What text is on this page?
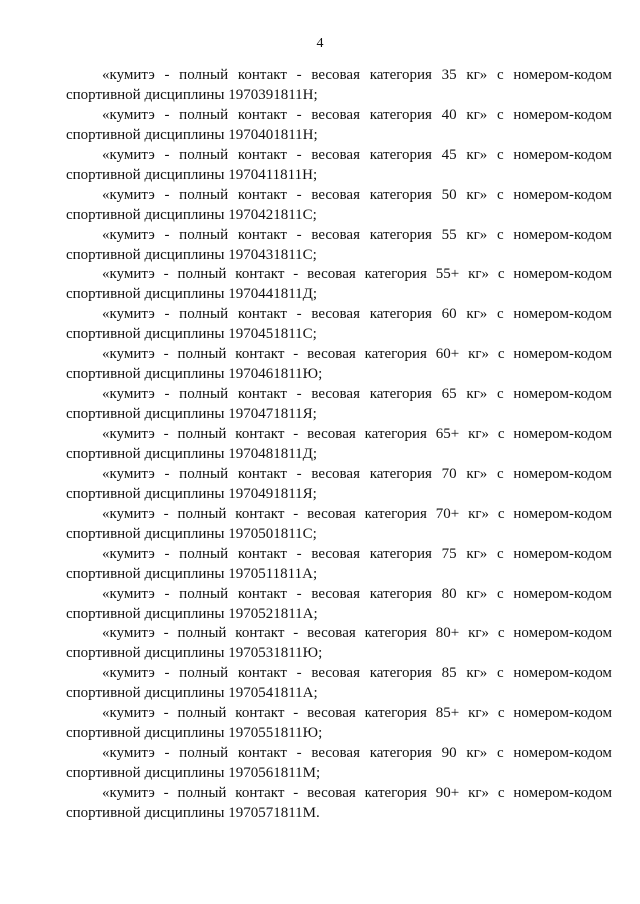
4
«кумитэ - полный контакт - весовая категория 35 кг» с номером-кодом
спортивной дисциплины 1970391811Н;
«кумитэ - полный контакт - весовая категория 40 кг» с номером-кодом
спортивной дисциплины 1970401811Н;
«кумитэ - полный контакт - весовая категория 45 кг» с номером-кодом
спортивной дисциплины 1970411811Н;
«кумитэ - полный контакт - весовая категория 50 кг» с номером-кодом
спортивной дисциплины 1970421811С;
«кумитэ - полный контакт - весовая категория 55 кг» с номером-кодом
спортивной дисциплины 1970431811С;
«кумитэ - полный контакт - весовая категория 55+ кг» с номером-кодом
спортивной дисциплины 1970441811Д;
«кумитэ - полный контакт - весовая категория 60 кг» с номером-кодом
спортивной дисциплины 1970451811С;
«кумитэ - полный контакт - весовая категория 60+ кг» с номером-кодом
спортивной дисциплины 1970461811Ю;
«кумитэ - полный контакт - весовая категория 65 кг» с номером-кодом
спортивной дисциплины 1970471811Я;
«кумитэ - полный контакт - весовая категория 65+ кг» с номером-кодом
спортивной дисциплины 1970481811Д;
«кумитэ - полный контакт - весовая категория 70 кг» с номером-кодом
спортивной дисциплины 1970491811Я;
«кумитэ - полный контакт - весовая категория 70+ кг» с номером-кодом
спортивной дисциплины 1970501811С;
«кумитэ - полный контакт - весовая категория 75 кг» с номером-кодом
спортивной дисциплины 1970511811А;
«кумитэ - полный контакт - весовая категория 80 кг» с номером-кодом
спортивной дисциплины 1970521811А;
«кумитэ - полный контакт - весовая категория 80+ кг» с номером-кодом
спортивной дисциплины 1970531811Ю;
«кумитэ - полный контакт - весовая категория 85 кг» с номером-кодом
спортивной дисциплины 1970541811А;
«кумитэ - полный контакт - весовая категория 85+ кг» с номером-кодом
спортивной дисциплины 1970551811Ю;
«кумитэ - полный контакт - весовая категория 90 кг» с номером-кодом
спортивной дисциплины 1970561811М;
«кумитэ - полный контакт - весовая категория 90+ кг» с номером-кодом
спортивной дисциплины 1970571811М.
